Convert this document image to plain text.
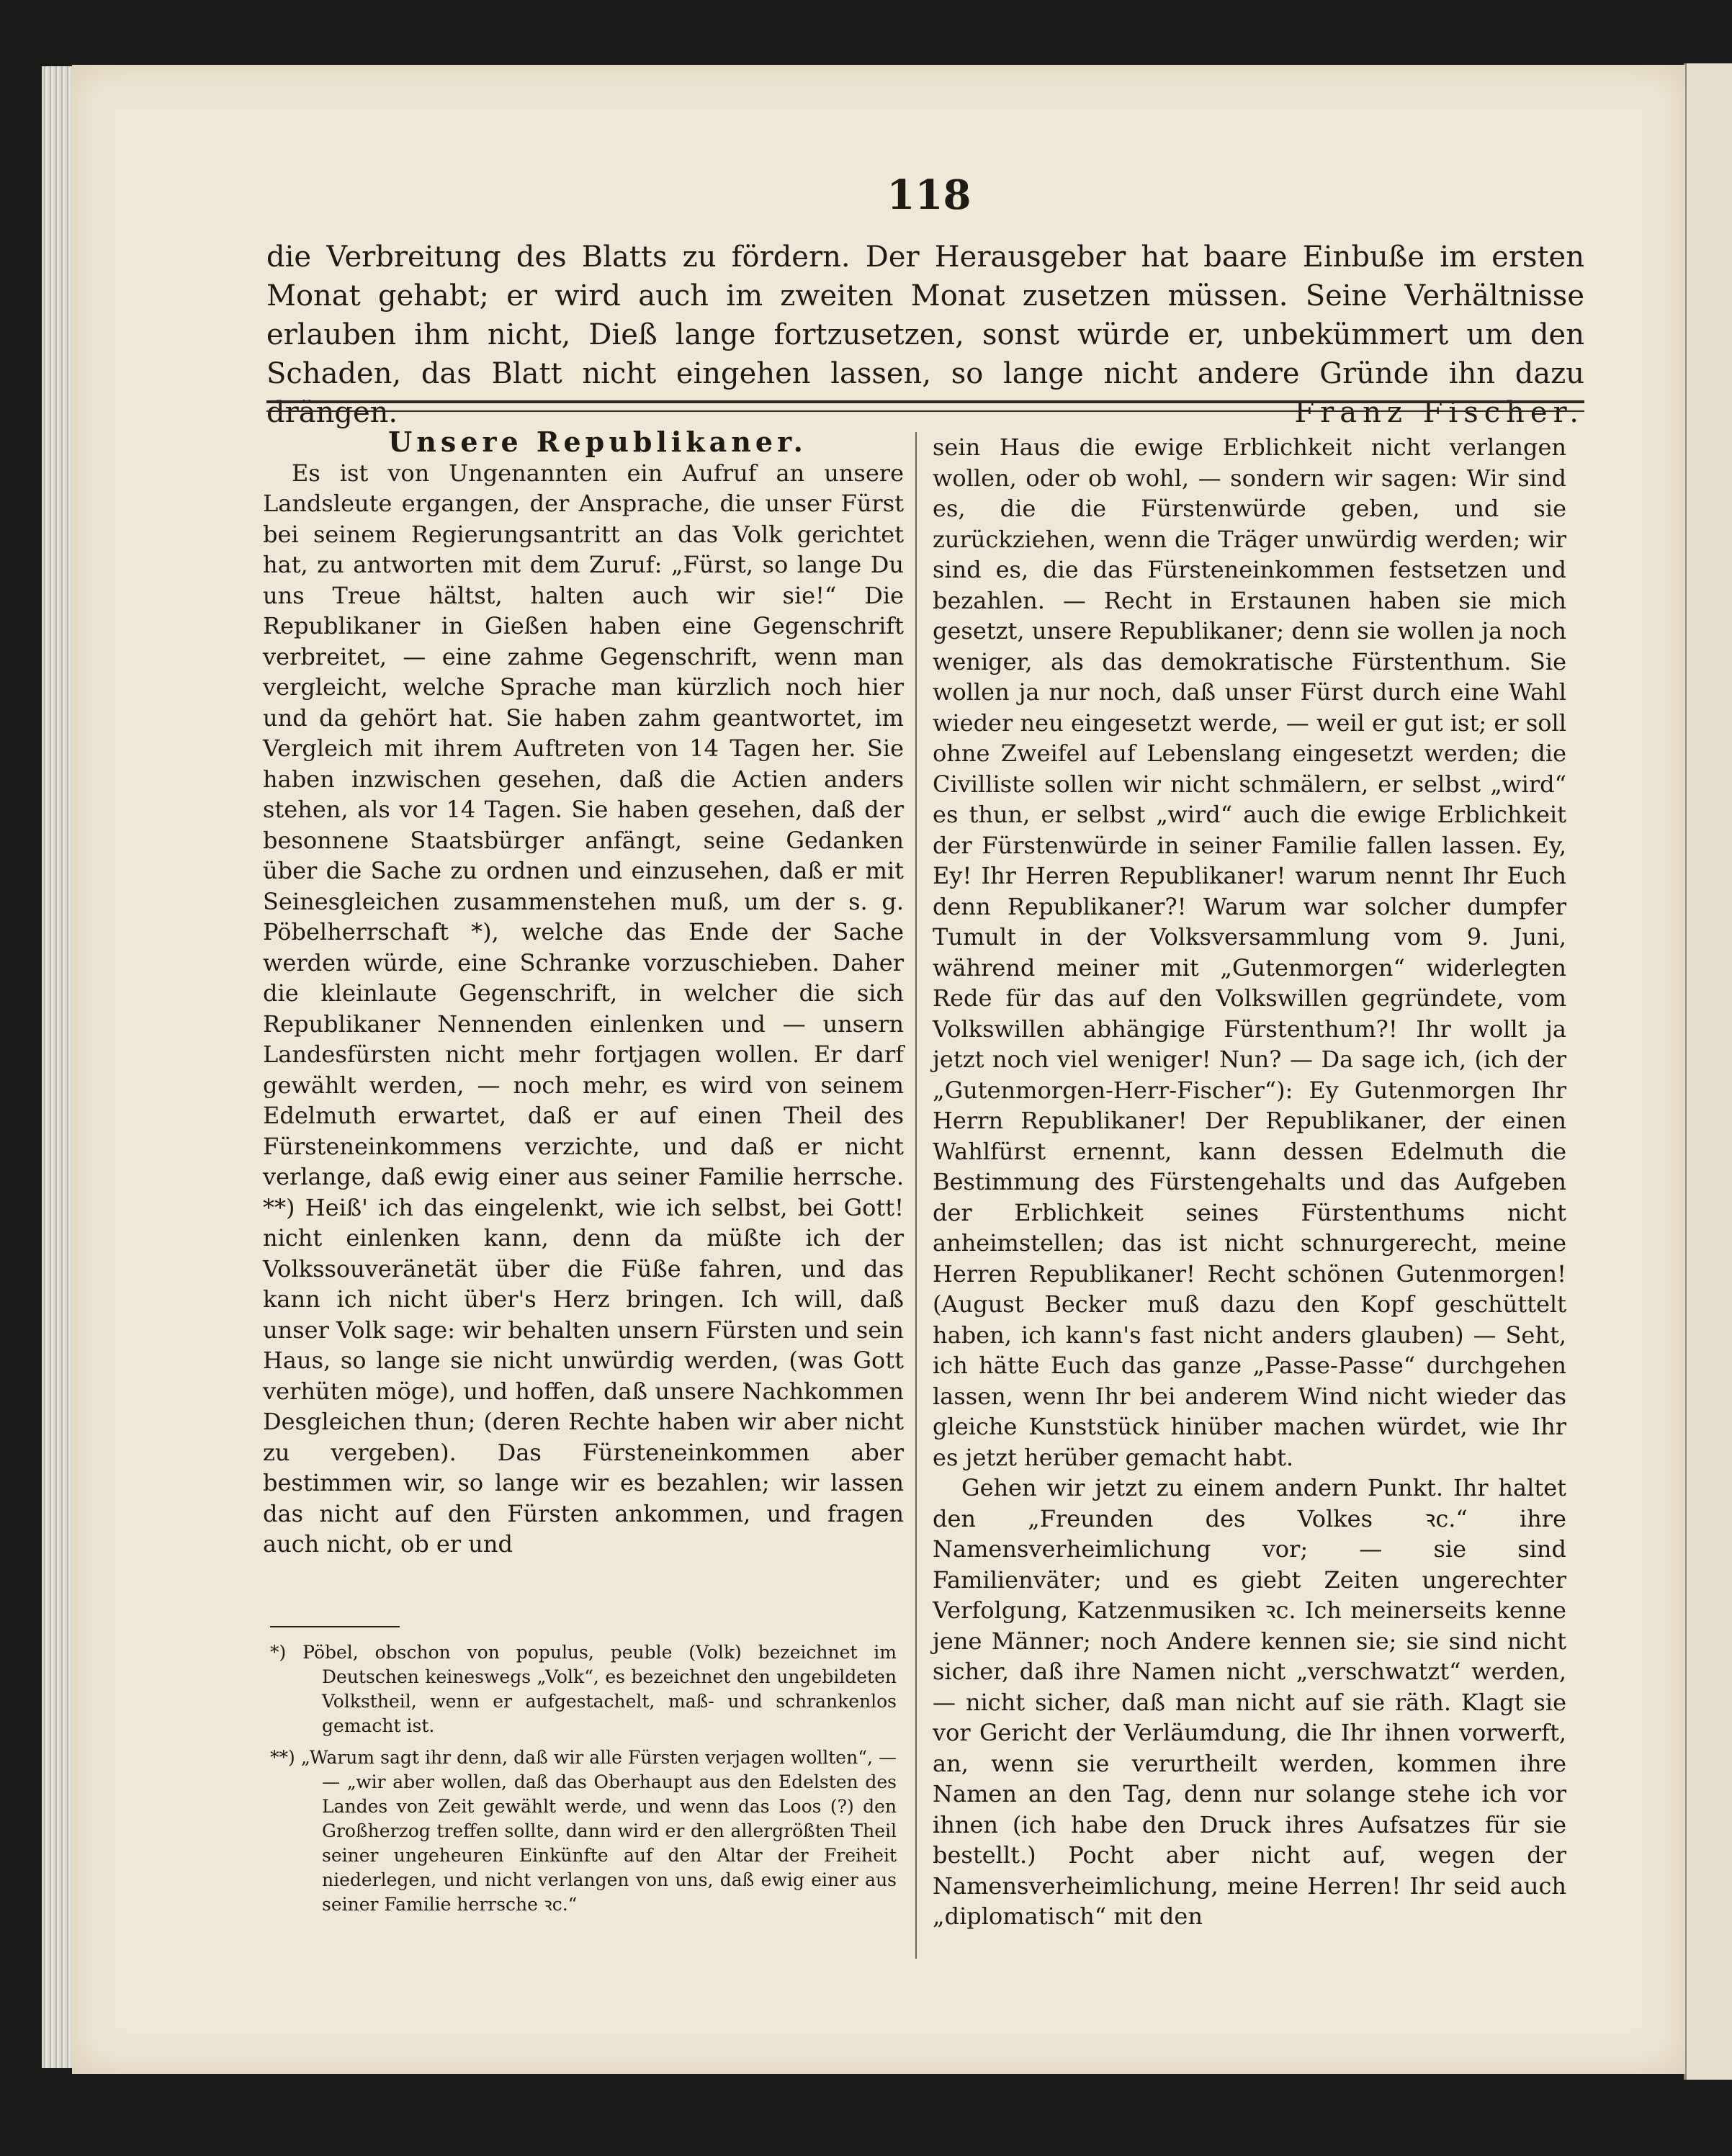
118
die Verbreitung des Blatts zu fördern. Der Herausgeber hat baare Einbuße im ersten Monat gehabt; er wird auch im zweiten Monat zusetzen müssen. Seine Verhältnisse erlauben ihm nicht, Dieß lange fortzusetzen, sonst würde er, unbekümmert um den Schaden, das Blatt nicht eingehen lassen, so lange nicht andere Gründe ihn dazu drängen.	Franz Fischer.

Unsere Republikaner.

Es ist von Ungenannten ein Aufruf an unsere Landsleute ergangen, der Ansprache, die unser Fürst bei seinem Regierungsantritt an das Volk gerichtet hat, zu antworten mit dem Zuruf: „Fürst, so lange Du uns Treue hältst, halten auch wir sie!“ Die Republikaner in Gießen haben eine Gegenschrift verbreitet, — eine zahme Gegenschrift, wenn man vergleicht, welche Sprache man kürzlich noch hier und da gehört hat. Sie haben zahm geantwortet, im Vergleich mit ihrem Auftreten von 14 Tagen her. Sie haben inzwischen gesehen, daß die Actien anders stehen, als vor 14 Tagen. Sie haben gesehen, daß der besonnene Staatsbürger anfängt, seine Gedanken über die Sache zu ordnen und einzusehen, daß er mit Seinesgleichen zusammenstehen muß, um der s. g. Pöbelherrschaft *), welche das Ende der Sache werden würde, eine Schranke vorzuschieben. Daher die kleinlaute Gegenschrift, in welcher die sich Republikaner Nennenden einlenken und — unsern Landesfürsten nicht mehr fortjagen wollen. Er darf gewählt werden, — noch mehr, es wird von seinem Edelmuth erwartet, daß er auf einen Theil des Fürsteneinkommens verzichte, und daß er nicht verlange, daß ewig einer aus seiner Familie herrsche. **) Heiß' ich das eingelenkt, wie ich selbst, bei Gott! nicht einlenken kann, denn da müßte ich der Volkssouveränetät über die Füße fahren, und das kann ich nicht über's Herz bringen. Ich will, daß unser Volk sage: wir behalten unsern Fürsten und sein Haus, so lange sie nicht unwürdig werden, (was Gott verhüten möge), und hoffen, daß unsere Nachkommen Desgleichen thun; (deren Rechte haben wir aber nicht zu vergeben). Das Fürsteneinkommen aber bestimmen wir, so lange wir es bezahlen; wir lassen das nicht auf den Fürsten ankommen, und fragen auch nicht, ob er und

sein Haus die ewige Erblichkeit nicht verlangen wollen, oder ob wohl, — sondern wir sagen: Wir sind es, die die Fürstenwürde geben, und sie zurückziehen, wenn die Träger unwürdig werden; wir sind es, die das Fürsteneinkommen festsetzen und bezahlen. — Recht in Erstaunen haben sie mich gesetzt, unsere Republikaner; denn sie wollen ja noch weniger, als das demokratische Fürstenthum. Sie wollen ja nur noch, daß unser Fürst durch eine Wahl wieder neu eingesetzt werde, — weil er gut ist; er soll ohne Zweifel auf Lebenslang eingesetzt werden; die Civilliste sollen wir nicht schmälern, er selbst „wird“ es thun, er selbst „wird“ auch die ewige Erblichkeit der Fürstenwürde in seiner Familie fallen lassen. Ey, Ey! Ihr Herren Republikaner! warum nennt Ihr Euch denn Republikaner?! Warum war solcher dumpfer Tumult in der Volksversammlung vom 9. Juni, während meiner mit „Gutenmorgen“ widerlegten Rede für das auf den Volkswillen gegründete, vom Volkswillen abhängige Fürstenthum?! Ihr wollt ja jetzt noch viel weniger! Nun? — Da sage ich, (ich der „Gutenmorgen-Herr-Fischer“): Ey Gutenmorgen Ihr Herrn Republikaner! Der Republikaner, der einen Wahlfürst ernennt, kann dessen Edelmuth die Bestimmung des Fürstengehalts und das Aufgeben der Erblichkeit seines Fürstenthums nicht anheimstellen; das ist nicht schnurgerecht, meine Herren Republikaner! Recht schönen Gutenmorgen! (August Becker muß dazu den Kopf geschüttelt haben, ich kann's fast nicht anders glauben) — Seht, ich hätte Euch das ganze „Passe-Passe“ durchgehen lassen, wenn Ihr bei anderem Wind nicht wieder das gleiche Kunststück hinüber machen würdet, wie Ihr es jetzt herüber gemacht habt.

Gehen wir jetzt zu einem andern Punkt. Ihr haltet den „Freunden des Volkes ꝛc.“ ihre Namensverheimlichung vor; — sie sind Familienväter; und es giebt Zeiten ungerechter Verfolgung, Katzenmusiken ꝛc. Ich meinerseits kenne jene Männer; noch Andere kennen sie; sie sind nicht sicher, daß ihre Namen nicht „verschwatzt“ werden, — nicht sicher, daß man nicht auf sie räth. Klagt sie vor Gericht der Verläumdung, die Ihr ihnen vorwerft, an, wenn sie verurtheilt werden, kommen ihre Namen an den Tag, denn nur solange stehe ich vor ihnen (ich habe den Druck ihres Aufsatzes für sie bestellt.) Pocht aber nicht auf, wegen der Namensverheimlichung, meine Herren! Ihr seid auch „diplomatisch“ mit den

*) Pöbel, obschon von populus, peuble (Volk) bezeichnet im Deutschen keineswegs „Volk“, es bezeichnet den ungebildeten Volkstheil, wenn er aufgestachelt, maß- und schrankenlos gemacht ist.

**) „Warum sagt ihr denn, daß wir alle Fürsten verjagen wollten“, — — „wir aber wollen, daß das Oberhaupt aus den Edelsten des Landes von Zeit gewählt werde, und wenn das Loos (?) den Großherzog treffen sollte, dann wird er den allergrößten Theil seiner ungeheuren Einkünfte auf den Altar der Freiheit niederlegen, und nicht verlangen von uns, daß ewig einer aus seiner Familie herrsche ꝛc.“
